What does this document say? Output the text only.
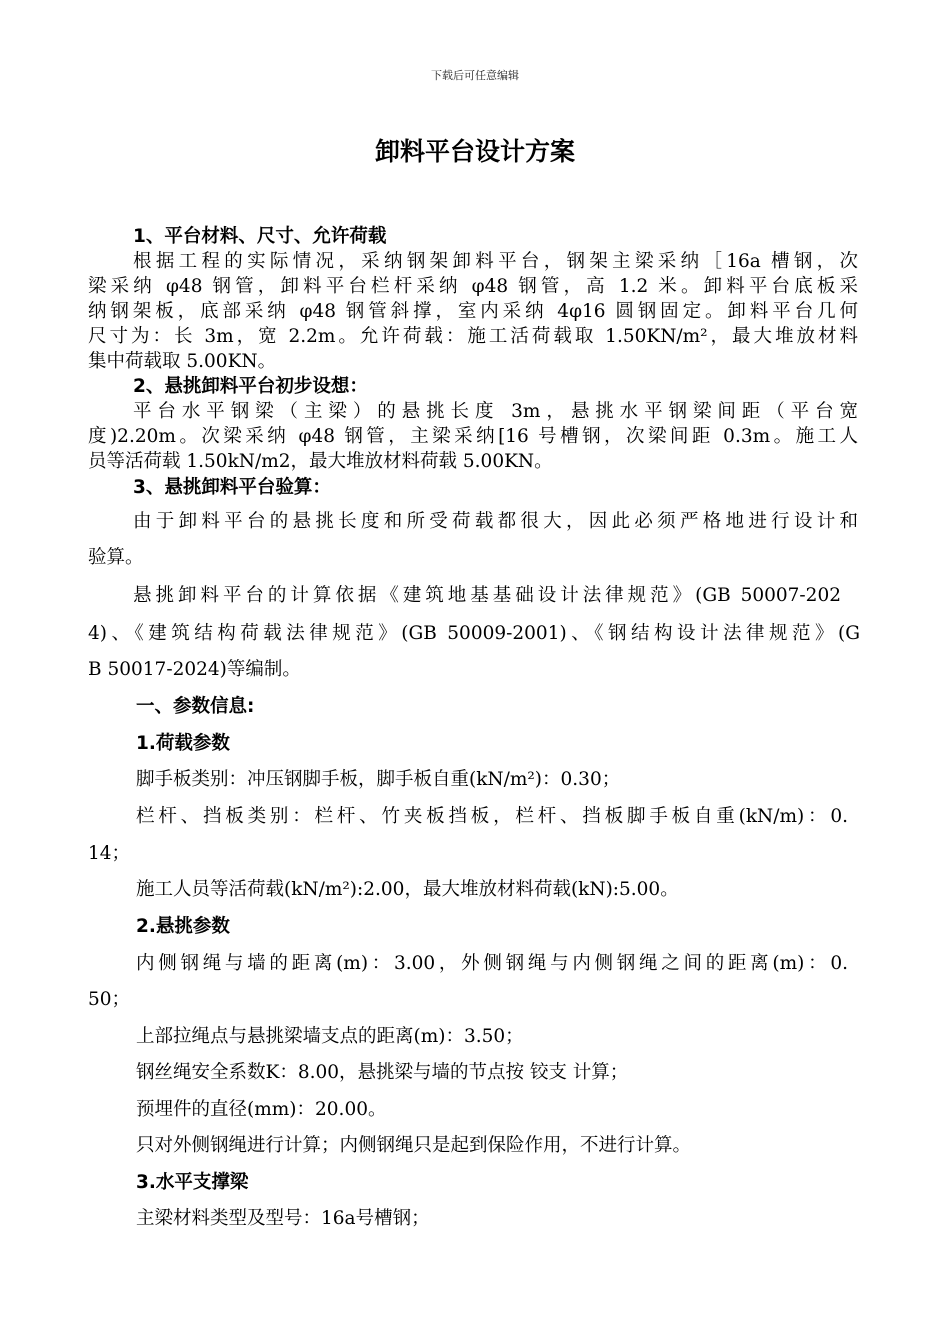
下载后可任意编辑
卸料平台设计方案
1、平台材料、尺寸、允许荷载
根据工程的实际情况，采纳钢架卸料平台，钢架主梁采纳［16a 槽钢，次
梁采纳 φ48 钢管，卸料平台栏杆采纳 φ48 钢管，高 1.2 米。卸料平台底板采
纳钢架板，底部采纳 φ48 钢管斜撑，室内采纳 4φ16 圆钢固定。卸料平台几何
尺寸为：长 3m，宽 2.2m。允许荷载：施工活荷载取 1.50KN/m²，最大堆放材料
集中荷载取 5.00KN。
2、悬挑卸料平台初步设想：
平台水平钢梁（主梁）的悬挑长度 3m，悬挑水平钢梁间距（平台宽
度)2.20m。次梁采纳 φ48 钢管，主梁采纳[16 号槽钢，次梁间距 0.3m。施工人
员等活荷载 1.50kN/m2，最大堆放材料荷载 5.00KN。
3、悬挑卸料平台验算：
由于卸料平台的悬挑长度和所受荷载都很大，因此必须严格地进行设计和
验算。
悬挑卸料平台的计算依据《建筑地基基础设计法律规范》(GB 50007-202
4)、《建筑结构荷载法律规范》(GB 50009-2001)、《钢结构设计法律规范》(G
B 50017-2024)等编制。
一、参数信息:
1.荷载参数
脚手板类别：冲压钢脚手板，脚手板自重(kN/m²)：0.30；
栏杆、挡板类别：栏杆、竹夹板挡板，栏杆、挡板脚手板自重(kN/m)：0.
14；
施工人员等活荷载(kN/m²):2.00，最大堆放材料荷载(kN):5.00。
2.悬挑参数
内侧钢绳与墙的距离(m)：3.00，外侧钢绳与内侧钢绳之间的距离(m)：0.
50；
上部拉绳点与悬挑梁墙支点的距离(m)：3.50；
钢丝绳安全系数K：8.00，悬挑梁与墙的节点按 铰支 计算；
预埋件的直径(mm)：20.00。
只对外侧钢绳进行计算；内侧钢绳只是起到保险作用，不进行计算。
3.水平支撑梁
主梁材料类型及型号：16a号槽钢；
